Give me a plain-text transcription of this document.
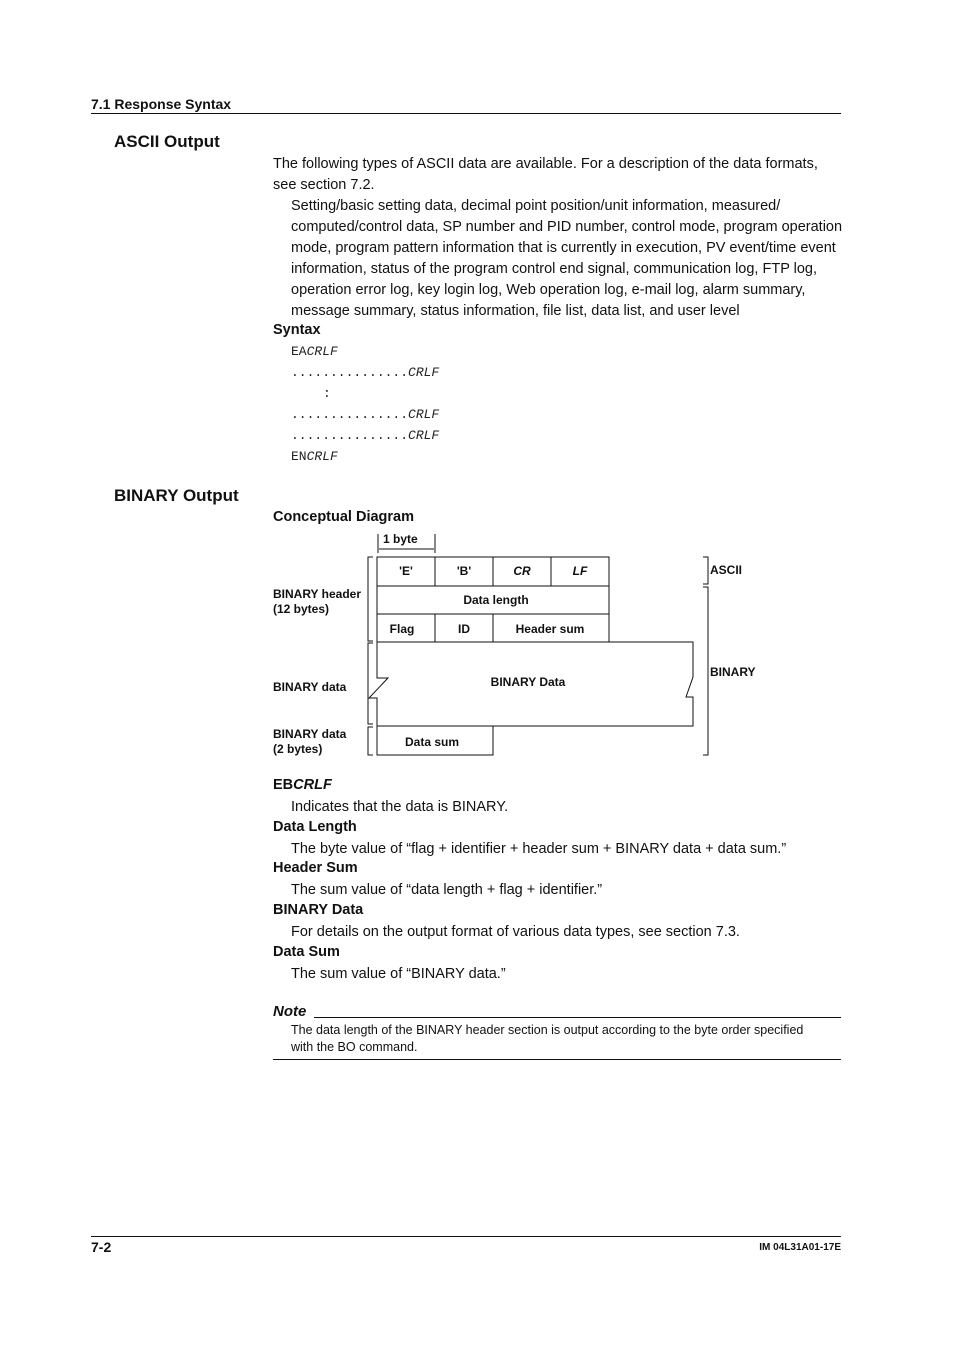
7.1 Response Syntax
ASCII Output
The following types of ASCII data are available. For a description of the data formats,
see section 7.2.
Setting/basic setting data, decimal point position/unit information, measured/
computed/control data, SP number and PID number, control mode, program operation
mode, program pattern information that is currently in execution, PV event/time event
information, status of the program control end signal, communication log, FTP log,
operation error log, key login log, Web operation log, e-mail log, alarm summary,
message summary, status information, file list, data list, and user level
Syntax
EACRLF
...............CRLF
:
...............CRLF
...............CRLF
ENCRLF
BINARY Output
Conceptual Diagram
1 byte
'E'	'B'	CR	LF
Data length
Flag	ID	Header sum
BINARY Data
Data sum
BINARY header
(12 bytes)
BINARY data
BINARY data
(2 bytes)
ASCII
BINARY
EBCRLF
Indicates that the data is BINARY.
Data Length
The byte value of “flag + identifier + header sum + BINARY data + data sum.”
Header Sum
The sum value of “data length + flag + identifier.”
BINARY Data
For details on the output format of various data types, see section 7.3.
Data Sum
The sum value of “BINARY data.”
Note
The data length of the BINARY header section is output according to the byte order specified
with the BO command.
7-2	IM 04L31A01-17E
